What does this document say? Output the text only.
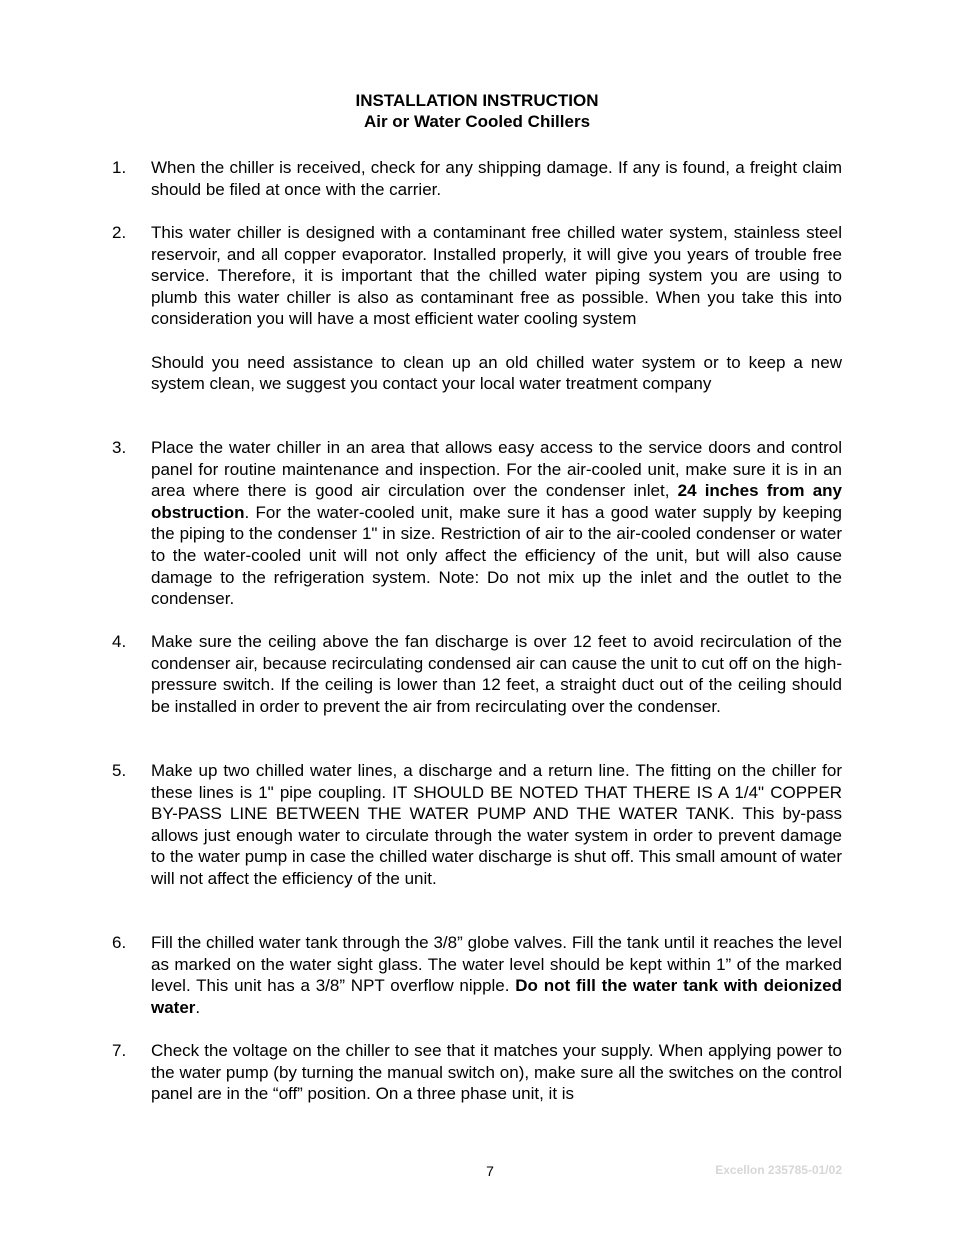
INSTALLATION INSTRUCTION
Air or Water Cooled Chillers
1. When the chiller is received, check for any shipping damage. If any is found, a freight claim should be filed at once with the carrier.

2. This water chiller is designed with a contaminant free chilled water system, stainless steel reservoir, and all copper evaporator. Installed properly, it will give you years of trouble free service. Therefore, it is important that the chilled water piping system you are using to plumb this water chiller is also as contaminant free as possible. When you take this into consideration you will have a most efficient water cooling system

Should you need assistance to clean up an old chilled water system or to keep a new system clean, we suggest you contact your local water treatment company

3. Place the water chiller in an area that allows easy access to the service doors and control panel for routine maintenance and inspection. For the air-cooled unit, make sure it is in an area where there is good air circulation over the condenser inlet, 24 inches from any obstruction. For the water-cooled unit, make sure it has a good water supply by keeping the piping to the condenser 1" in size. Restriction of air to the air-cooled condenser or water to the water-cooled unit will not only affect the efficiency of the unit, but will also cause damage to the refrigeration system. Note: Do not mix up the inlet and the outlet to the condenser.

4. Make sure the ceiling above the fan discharge is over 12 feet to avoid recirculation of the condenser air, because recirculating condensed air can cause the unit to cut off on the high-pressure switch. If the ceiling is lower than 12 feet, a straight duct out of the ceiling should be installed in order to prevent the air from recirculating over the condenser.

5. Make up two chilled water lines, a discharge and a return line. The fitting on the chiller for these lines is 1" pipe coupling. IT SHOULD BE NOTED THAT THERE IS A 1/4" COPPER BY-PASS LINE BETWEEN THE WATER PUMP AND THE WATER TANK. This by-pass allows just enough water to circulate through the water system in order to prevent damage to the water pump in case the chilled water discharge is shut off. This small amount of water will not affect the efficiency of the unit.

6. Fill the chilled water tank through the 3/8” globe valves. Fill the tank until it reaches the level as marked on the water sight glass. The water level should be kept within 1” of the marked level. This unit has a 3/8” NPT overflow nipple. Do not fill the water tank with deionized water.

7. Check the voltage on the chiller to see that it matches your supply. When applying power to the water pump (by turning the manual switch on), make sure all the switches on the control panel are in the “off” position. On a three phase unit, it is

7	Excellon 235785-01/02
